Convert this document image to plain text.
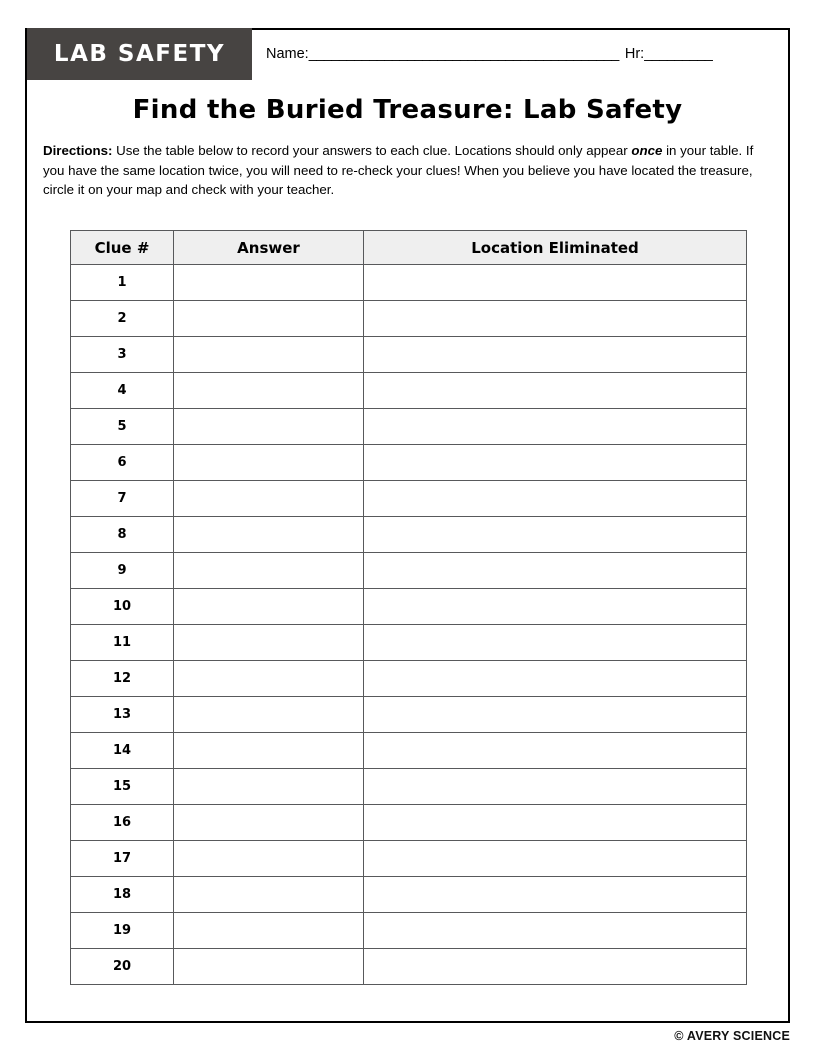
LAB SAFETY	Name: _________________________________________ Hr: _________
Find the Buried Treasure: Lab Safety
Directions: Use the table below to record your answers to each clue. Locations should only appear once in your table. If you have the same location twice, you will need to re-check your clues! When you believe you have located the treasure, circle it on your map and check with your teacher.
Clue #	Answer	Location Eliminated
1		
2		
3		
4		
5		
6		
7		
8		
9		
10		
11		
12		
13		
14		
15		
16		
17		
18		
19		
20		
© AVERY SCIENCE
